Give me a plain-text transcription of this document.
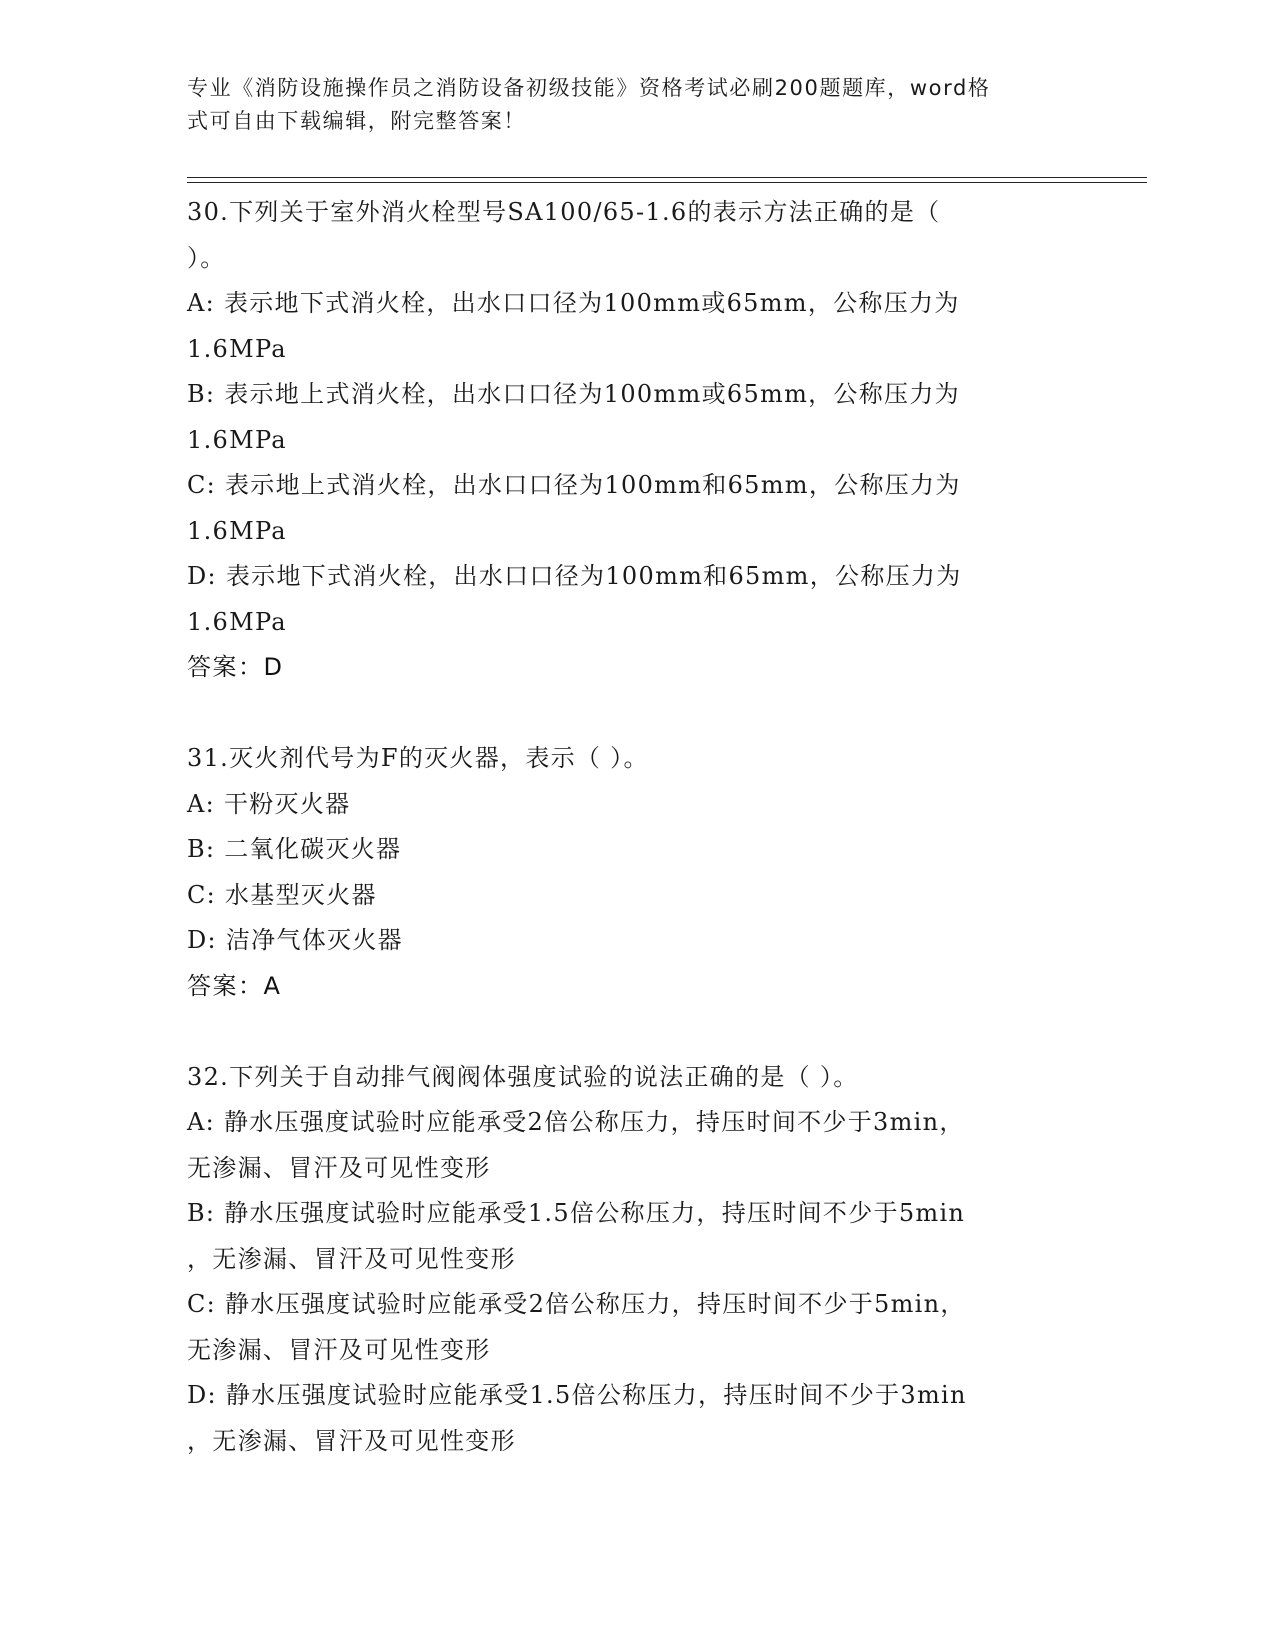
专业《消防设施操作员之消防设备初级技能》资格考试必刷200题题库，word格
式可自由下载编辑，附完整答案！
30.下列关于室外消火栓型号SA100/65-1.6的表示方法正确的是（
）。
A: 表示地下式消火栓，出水口口径为100mm或65mm，公称压力为
1.6MPa
B: 表示地上式消火栓，出水口口径为100mm或65mm，公称压力为
1.6MPa
C: 表示地上式消火栓，出水口口径为100mm和65mm，公称压力为
1.6MPa
D: 表示地下式消火栓，出水口口径为100mm和65mm，公称压力为
1.6MPa
答案：D
31.灭火剂代号为F的灭火器，表示（ ）。
A: 干粉灭火器
B: 二氧化碳灭火器
C: 水基型灭火器
D: 洁净气体灭火器
答案：A
32.下列关于自动排气阀阀体强度试验的说法正确的是（ ）。
A: 静水压强度试验时应能承受2倍公称压力，持压时间不少于3min，
无渗漏、冒汗及可见性变形
B: 静水压强度试验时应能承受1.5倍公称压力，持压时间不少于5min
，无渗漏、冒汗及可见性变形
C: 静水压强度试验时应能承受2倍公称压力，持压时间不少于5min，
无渗漏、冒汗及可见性变形
D: 静水压强度试验时应能承受1.5倍公称压力，持压时间不少于3min
，无渗漏、冒汗及可见性变形
